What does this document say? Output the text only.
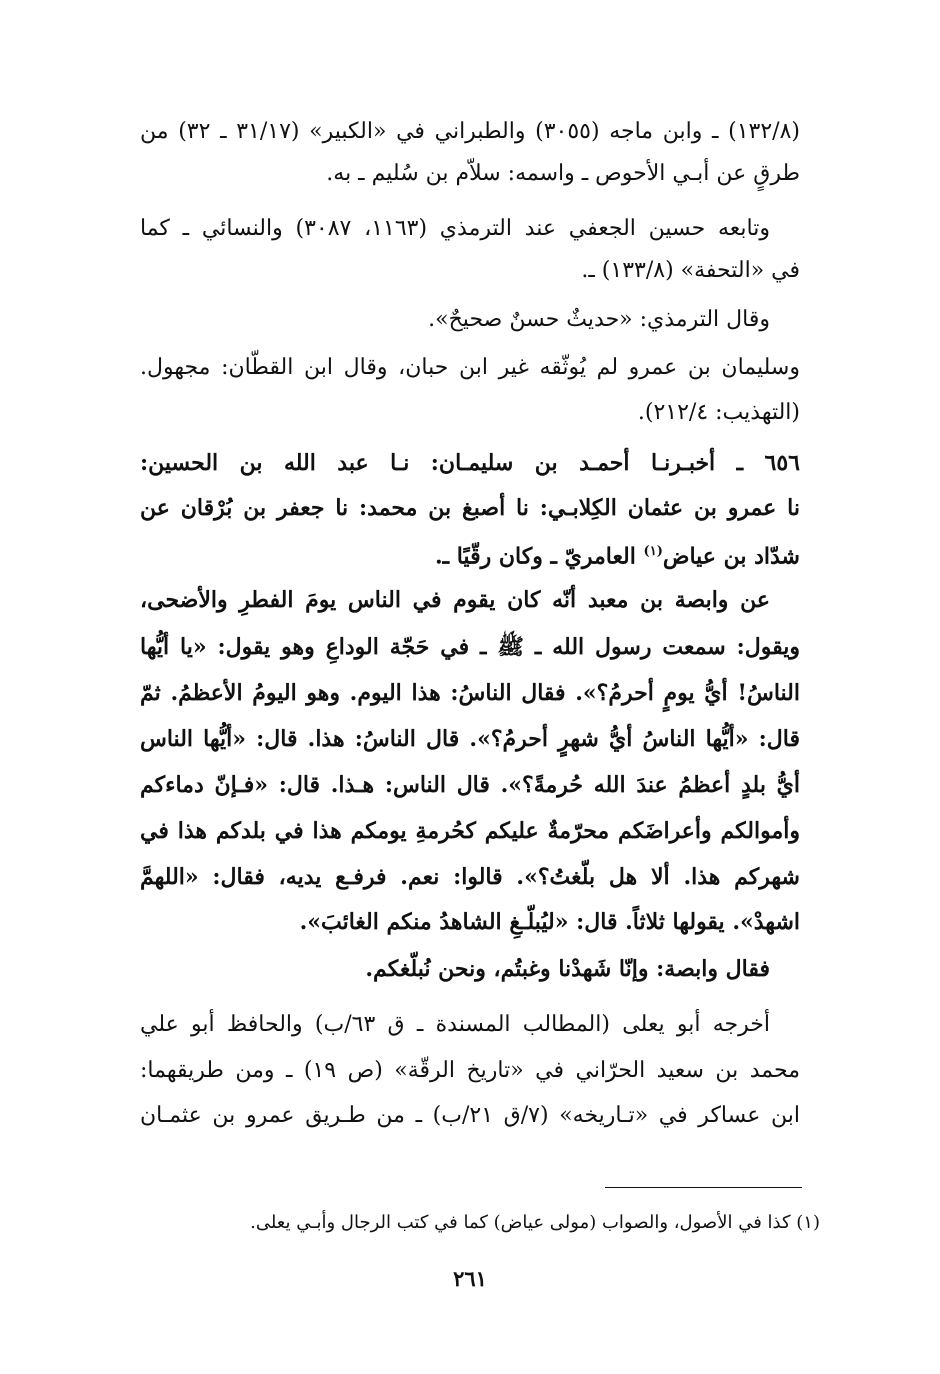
(١٣٢/٨) ـ وابن ماجه (٣٠٥٥) والطبراني في «الكبير» (٣١/١٧ ـ ٣٢) من
طرقٍ عن أبـي الأحوص ـ واسمه: سلاّم بن سُليم ـ به.
وتابعه حسين الجعفي عند الترمذي (١١٦٣، ٣٠٨٧) والنسائي ـ كما
في «التحفة» (١٣٣/٨) ـ.
وقال الترمذي: «حديثٌ حسنٌ صحيحٌ».
وسليمان بن عمرو لم يُوثّقه غير ابن حبان، وقال ابن القطّان: مجهول.
(التهذيب: ٢١٢/٤).
٦٥٦ ـ أخبـرنـا أحمـد بن سليمـان: نـا عبد الله بن الحسين:
نا عمرو بن عثمان الكِلابـي: نا أصبغ بن محمد: نا جعفر بن بُرْقان عن
شدّاد بن عياض$^{(١)}$ العامريّ ـ وكان رقّيًا ـ.
عن وابصة بن معبد أنّه كان يقوم في الناس يومَ الفطرِ والأضحى،
ويقول: سمعت رسول الله ـ ﷺ ـ في حَجّة الوداعِ وهو يقول: «يا أيُّها
الناسُ! أيُّ يومٍ أحرمُ؟». فقال الناسُ: هذا اليوم. وهو اليومُ الأعظمُ. ثمّ
قال: «أيُّها الناسُ أيُّ شهرٍ أحرمُ؟». قال الناسُ: هذا. قال: «أيُّها الناس
أيُّ بلدٍ أعظمُ عندَ الله حُرمةً؟». قال الناس: هـذا. قال: «فـإنّ دماءكم
وأموالكم وأعراضَكم محرّمةٌ عليكم كحُرمةِ يومكم هذا في بلدكم هذا في
شهركم هذا. ألا هل بلّغتُ؟». قالوا: نعم. فرفـع يديه، فقال: «اللهمَّ
اشهدْ». يقولها ثلاثاً. قال: «ليُبلّـغِ الشاهدُ منكم الغائبَ».
فقال وابصة: وإنّا شَهدْنا وغبتُم، ونحن نُبلّغكم.
أخرجه أبو يعلى (المطالب المسندة ـ ق ٦٣/ب) والحافظ أبو علي
محمد بن سعيد الحرّاني في «تاريخ الرقّة» (ص ١٩) ـ ومن طريقهما:
ابن عساكر في «تـاريخه» (٧/ق ٢١/ب) ـ من طـريق عمرو بن عثمـان
(١) كذا في الأصول، والصواب (مولى عياض) كما في كتب الرجال وأبـي يعلى.
٢٦١
